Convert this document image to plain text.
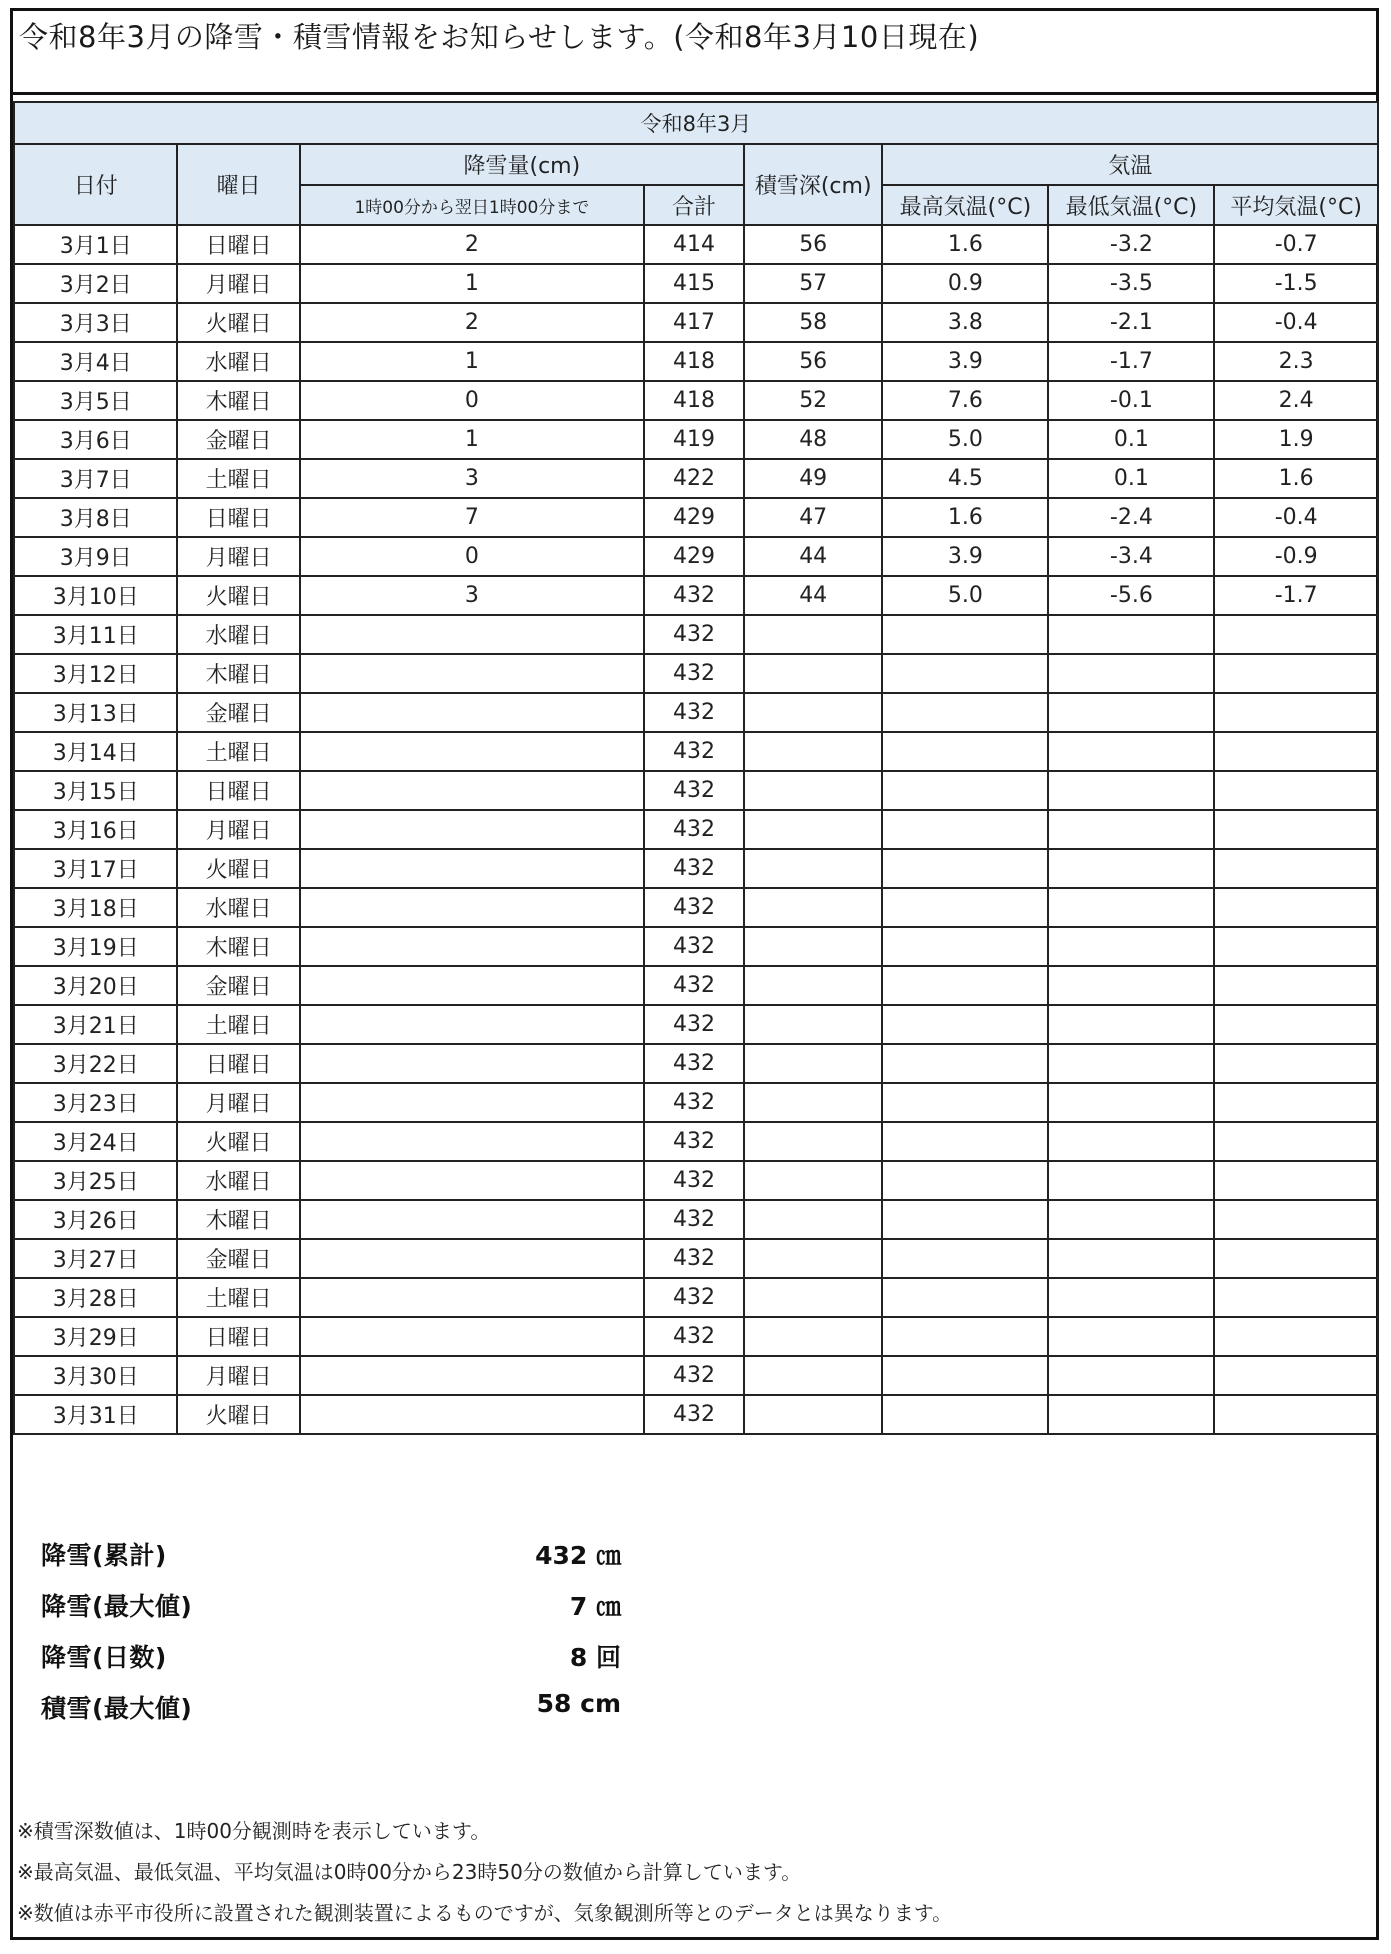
令和8年3月の降雪・積雪情報をお知らせします。(令和8年3月10日現在)
令和8年3月							
日付	曜日	降雪量(cm)		積雪深(cm)	気温		
		1時00分から翌日1時00分まで	合計		最高気温(°C)	最低気温(°C)	平均気温(°C)
3月1日	日曜日	2	414	56	1.6	-3.2	-0.7
3月2日	月曜日	1	415	57	0.9	-3.5	-1.5
3月3日	火曜日	2	417	58	3.8	-2.1	-0.4
3月4日	水曜日	1	418	56	3.9	-1.7	2.3
3月5日	木曜日	0	418	52	7.6	-0.1	2.4
3月6日	金曜日	1	419	48	5.0	0.1	1.9
3月7日	土曜日	3	422	49	4.5	0.1	1.6
3月8日	日曜日	7	429	47	1.6	-2.4	-0.4
3月9日	月曜日	0	429	44	3.9	-3.4	-0.9
3月10日	火曜日	3	432	44	5.0	-5.6	-1.7
3月11日	水曜日		432				
3月12日	木曜日		432				
3月13日	金曜日		432				
3月14日	土曜日		432				
3月15日	日曜日		432				
3月16日	月曜日		432				
3月17日	火曜日		432				
3月18日	水曜日		432				
3月19日	木曜日		432				
3月20日	金曜日		432				
3月21日	土曜日		432				
3月22日	日曜日		432				
3月23日	月曜日		432				
3月24日	火曜日		432				
3月25日	水曜日		432				
3月26日	木曜日		432				
3月27日	金曜日		432				
3月28日	土曜日		432				
3月29日	日曜日		432				
3月30日	月曜日		432				
3月31日	火曜日		432				
降雪(累計)	432 ㎝
降雪(最大値)	7 ㎝
降雪(日数)	8 回
積雪(最大値)	58 cm
※積雪深数値は、1時00分観測時を表示しています。
※最高気温、最低気温、平均気温は0時00分から23時50分の数値から計算しています。
※数値は赤平市役所に設置された観測装置によるものですが、気象観測所等とのデータとは異なります。
